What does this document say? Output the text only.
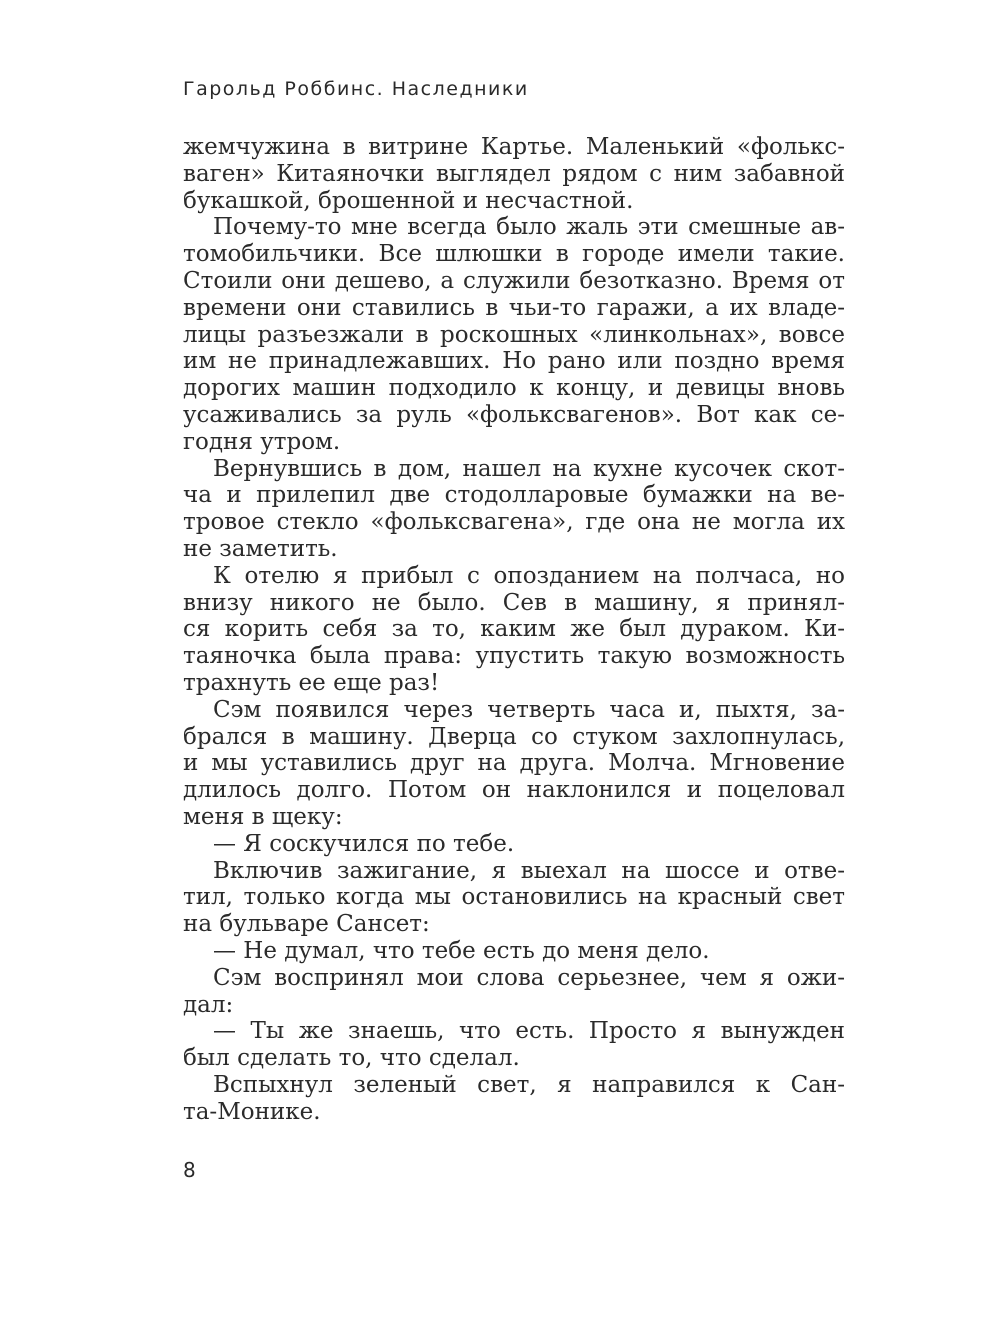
Гарольд Роббинс. Наследники
жемчужина в витрине Картье. Маленький «фолькс-
ваген» Китаяночки выглядел рядом с ним забавной
букашкой, брошенной и несчастной.
Почему-то мне всегда было жаль эти смешные ав-
томобильчики. Все шлюшки в городе имели такие.
Стоили они дешево, а служили безотказно. Время от
времени они ставились в чьи-то гаражи, а их владе-
лицы разъезжали в роскошных «линкольнах», вовсе
им не принадлежавших. Но рано или поздно время
дорогих машин подходило к концу, и девицы вновь
усаживались за руль «фольксвагенов». Вот как се-
годня утром.
Вернувшись в дом, нашел на кухне кусочек скот-
ча и прилепил две стодолларовые бумажки на ве-
тровое стекло «фольксвагена», где она не могла их
не заметить.
К отелю я прибыл с опозданием на полчаса, но
внизу никого не было. Сев в машину, я принял-
ся корить себя за то, каким же был дураком. Ки-
таяночка была права: упустить такую возможность
трахнуть ее еще раз!
Сэм появился через четверть часа и, пыхтя, за-
брался в машину. Дверца со стуком захлопнулась,
и мы уставились друг на друга. Молча. Мгновение
длилось долго. Потом он наклонился и поцеловал
меня в щеку:
— Я соскучился по тебе.
Включив зажигание, я выехал на шоссе и отве-
тил, только когда мы остановились на красный свет
на бульваре Сансет:
— Не думал, что тебе есть до меня дело.
Сэм воспринял мои слова серьезнее, чем я ожи-
дал:
— Ты же знаешь, что есть. Просто я вынужден
был сделать то, что сделал.
Вспыхнул зеленый свет, я направился к Сан-
та-Монике.
8
